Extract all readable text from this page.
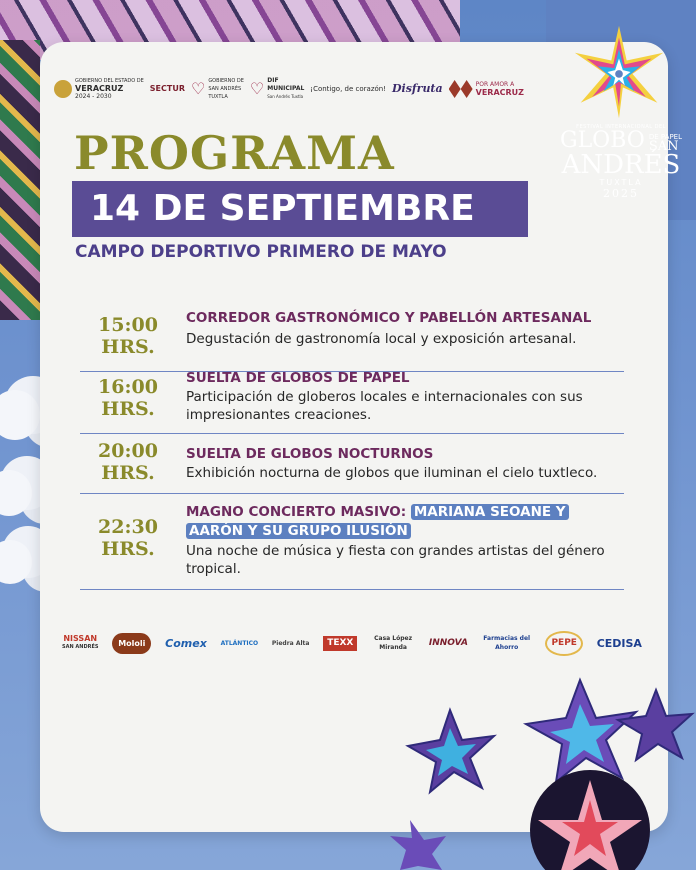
FESTIVAL INTERNACIONAL DEL
GLOBO DE PAPEL
SAN
ANDRÉS
TUXTLA
2025
GOBIERNO DEL ESTADO DE
VERACRUZ
2024 - 2030
SECTUR ♡ GOBIERNO DE
SAN ANDRÉS
TUXTLA	♡ DIF
MUNICIPAL
San Andrés Tuxtla
¡Contigo, de corazón! Disfruta	POR AMOR A
VERACRUZ
PROGRAMA
14 DE SEPTIEMBRE
CAMPO DEPORTIVO PRIMERO DE MAYO
15:00
HRS.
CORREDOR GASTRONÓMICO Y PABELLÓN ARTESANAL
Degustación de gastronomía local y exposición artesanal.
16:00
HRS.
SUELTA DE GLOBOS DE PAPEL
Participación de globeros locales e internacionales con sus impresionantes creaciones.
20:00
HRS.
SUELTA DE GLOBOS NOCTURNOS
Exhibición nocturna de globos que iluminan el cielo tuxtleco.
22:30
HRS.
MAGNO CONCIERTO MASIVO: MARIANA SEOANE Y
AARÓN Y SU GRUPO ILUSIÓN
Una noche de música y fiesta con grandes artistas del género tropical.
NISSAN
SAN ANDRÉS	Mololi	Comex ATLÁNTICO Piedra Alta	TEXX	Casa López Miranda	INNOVA	Farmacias del Ahorro	PEPE	CEDISA
